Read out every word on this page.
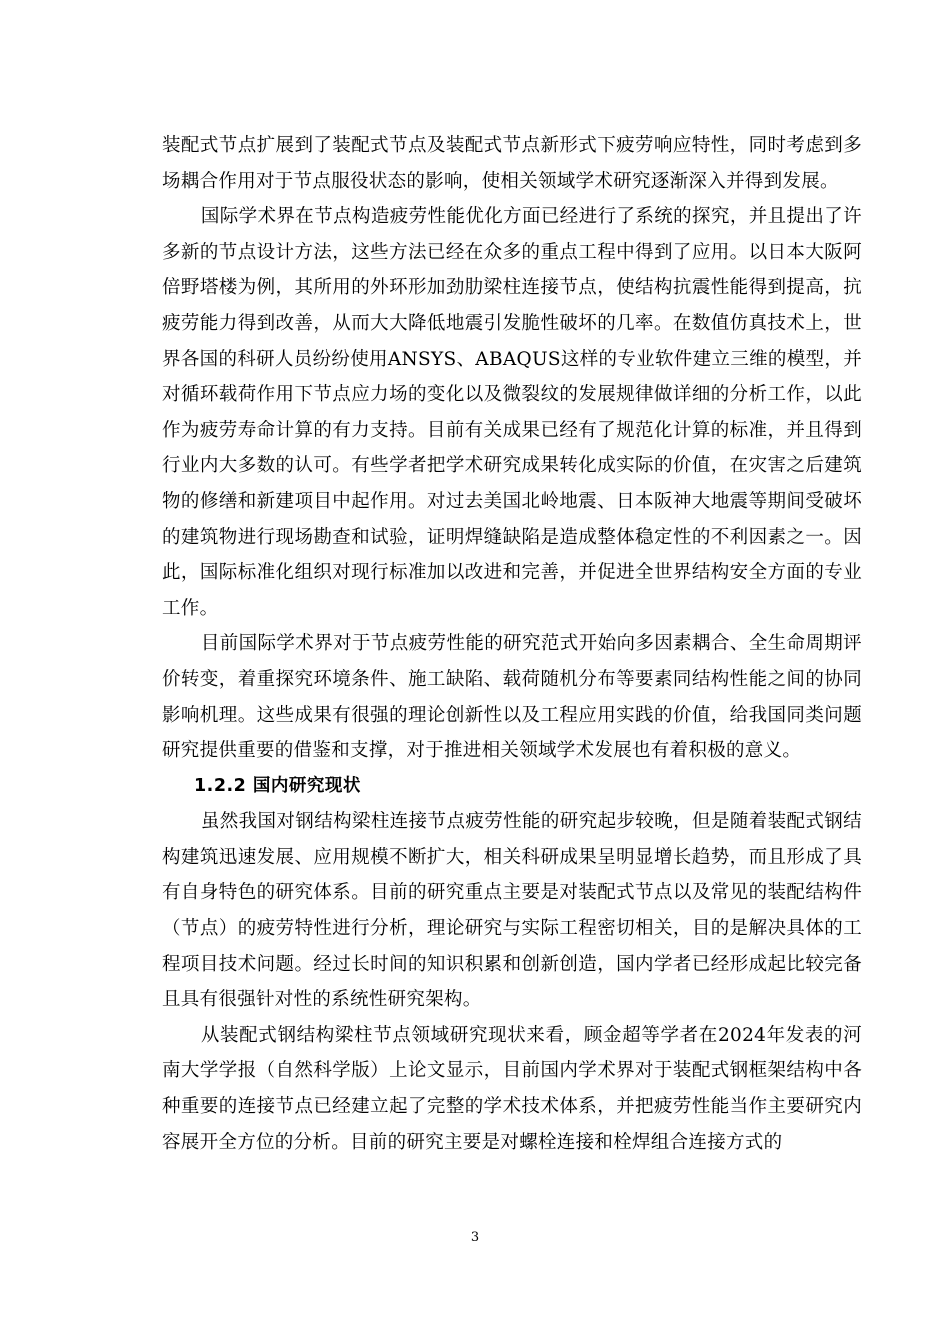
装配式节点扩展到了装配式节点及装配式节点新形式下疲劳响应特性，同时考虑到多场耦合作用对于节点服役状态的影响，使相关领域学术研究逐渐深入并得到发展。

国际学术界在节点构造疲劳性能优化方面已经进行了系统的探究，并且提出了许多新的节点设计方法，这些方法已经在众多的重点工程中得到了应用。以日本大阪阿倍野塔楼为例，其所用的外环形加劲肋梁柱连接节点，使结构抗震性能得到提高，抗疲劳能力得到改善，从而大大降低地震引发脆性破坏的几率。在数值仿真技术上，世界各国的科研人员纷纷使用ANSYS、ABAQUS这样的专业软件建立三维的模型，并对循环载荷作用下节点应力场的变化以及微裂纹的发展规律做详细的分析工作，以此作为疲劳寿命计算的有力支持。目前有关成果已经有了规范化计算的标准，并且得到行业内大多数的认可。有些学者把学术研究成果转化成实际的价值，在灾害之后建筑物的修缮和新建项目中起作用。对过去美国北岭地震、日本阪神大地震等期间受破坏的建筑物进行现场勘查和试验，证明焊缝缺陷是造成整体稳定性的不利因素之一。因此，国际标准化组织对现行标准加以改进和完善，并促进全世界结构安全方面的专业工作。

目前国际学术界对于节点疲劳性能的研究范式开始向多因素耦合、全生命周期评价转变，着重探究环境条件、施工缺陷、载荷随机分布等要素同结构性能之间的协同影响机理。这些成果有很强的理论创新性以及工程应用实践的价值，给我国同类问题研究提供重要的借鉴和支撑，对于推进相关领域学术发展也有着积极的意义。

1.2.2 国内研究现状

虽然我国对钢结构梁柱连接节点疲劳性能的研究起步较晚，但是随着装配式钢结构建筑迅速发展、应用规模不断扩大，相关科研成果呈明显增长趋势，而且形成了具有自身特色的研究体系。目前的研究重点主要是对装配式节点以及常见的装配结构件（节点）的疲劳特性进行分析，理论研究与实际工程密切相关，目的是解决具体的工程项目技术问题。经过长时间的知识积累和创新创造，国内学者已经形成起比较完备且具有很强针对性的系统性研究架构。

从装配式钢结构梁柱节点领域研究现状来看，顾金超等学者在2024年发表的河南大学学报（自然科学版）上论文显示，目前国内学术界对于装配式钢框架结构中各种重要的连接节点已经建立起了完整的学术技术体系，并把疲劳性能当作主要研究内容展开全方位的分析。目前的研究主要是对螺栓连接和栓焊组合连接方式的

3
